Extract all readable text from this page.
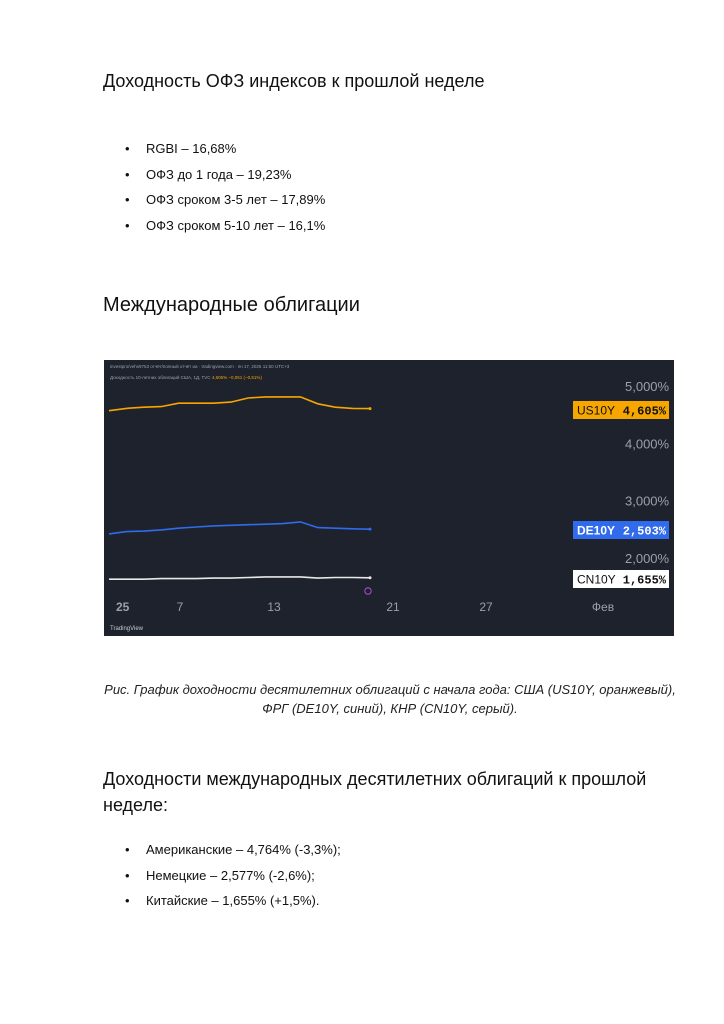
Доходность ОФЗ индексов к прошлой неделе
• RGBI – 16,68%
• ОФЗ до 1 года – 19,23%
• ОФЗ сроком 3-5 лет – 17,89%
• ОФЗ сроком 5-10 лет – 16,1%
Международные облигации
investpro/vehs9753 отчёт/полный отчёт иа · tradingview.com · пн 17, 2025 11:50 UTC+3
Доходность 10-летних облигаций США, 1Д, TVC 4,605% −0,051 (−0,51%)
5,000%
4,000%
3,000%
2,000%
25	7	13	21	27	Фев
US10Y 4,605%
DE10Y 2,503%
CN10Y 1,655%
TradingView
Рис. График доходности десятилетних облигаций с начала года: США (US10Y, оранжевый), ФРГ (DE10Y, синий), КНР (CN10Y, серый).
Доходности международных десятилетних облигаций к прошлой неделе:
• Американские – 4,764% (-3,3%);
• Немецкие – 2,577% (-2,6%);
• Китайские – 1,655% (+1,5%).
